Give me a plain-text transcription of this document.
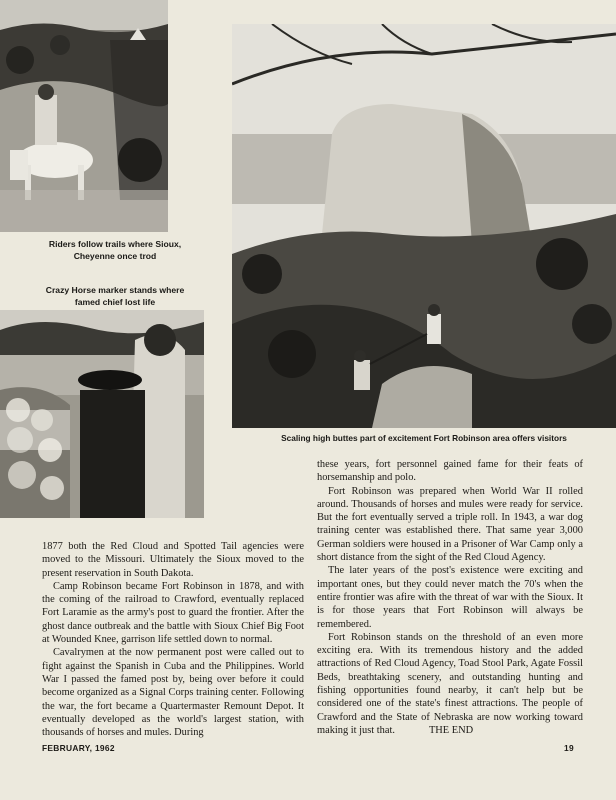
Riders follow trails where Sioux, Cheyenne once trod
Crazy Horse marker stands where famed chief lost life
Scaling high buttes part of excitement Fort Robinson area offers visitors

1877 both the Red Cloud and Spotted Tail agencies were moved to the Missouri. Ultimately the Sioux moved to the present reservation in South Dakota.

Camp Robinson became Fort Robinson in 1878, and with the coming of the railroad to Crawford, eventually replaced Fort Laramie as the army's post to guard the frontier. After the ghost dance outbreak and the battle with Sioux Chief Big Foot at Wounded Knee, garrison life settled down to normal.

Cavalrymen at the now permanent post were called out to fight against the Spanish in Cuba and the Philippines. World War I passed the famed post by, being over before it could become organized as a Signal Corps training center. Following the war, the fort became a Quartermaster Remount Depot. It eventually developed as the world's largest station, with thousands of horses and mules. During

these years, fort personnel gained fame for their feats of horsemanship and polo.

Fort Robinson was prepared when World War II rolled around. Thousands of horses and mules were ready for service. But the fort eventually served a triple roll. In 1943, a war dog training center was established there. That same year 3,000 German soldiers were housed in a Prisoner of War Camp only a short distance from the sight of the Red Cloud Agency.

The later years of the post's existence were exciting and important ones, but they could never match the 70's when the entire frontier was afire with the threat of war with the Sioux. It is for those years that Fort Robinson will always be remembered.

Fort Robinson stands on the threshold of an even more exciting era. With its tremendous history and the added attractions of Red Cloud Agency, Toad Stool Park, Agate Fossil Beds, breathtaking scenery, and outstanding hunting and fishing opportunities found nearby, it can't help but be considered one of the state's finest attractions. The people of Crawford and the State of Nebraska are now working toward making it just that.	THE END

FEBRUARY, 1962	19
